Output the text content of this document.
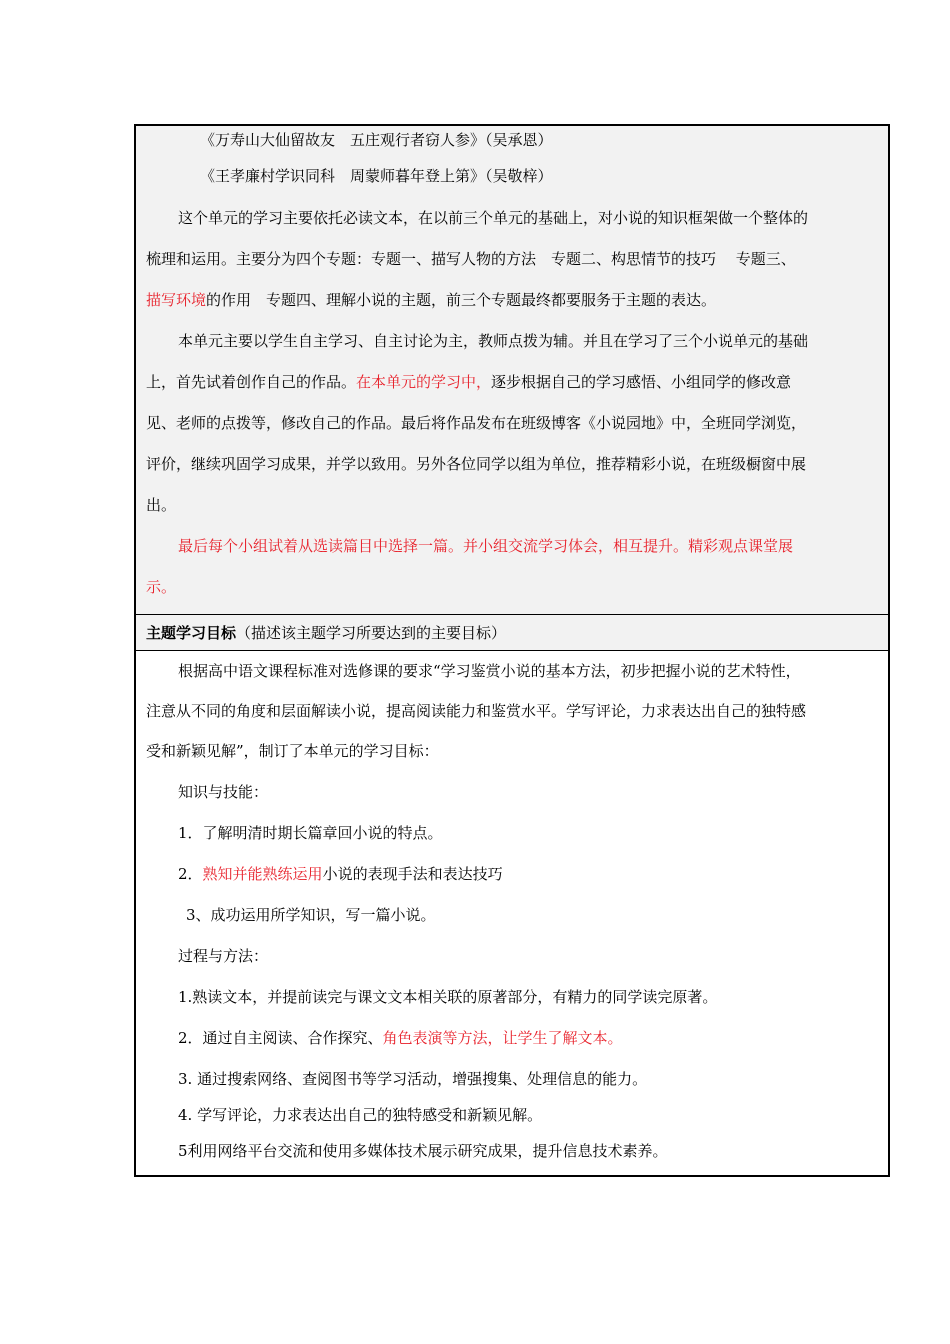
《万寿山大仙留故友　五庄观行者窃人参》（吴承恩）
《王孝廉村学识同科　周蒙师暮年登上第》（吴敬梓）
这个单元的学习主要依托必读文本，在以前三个单元的基础上，对小说的知识框架做一个整体的
梳理和运用。主要分为四个专题：专题一、描写人物的方法　专题二、构思情节的技巧　 专题三、
描写环境的作用　专题四、理解小说的主题，前三个专题最终都要服务于主题的表达。
本单元主要以学生自主学习、自主讨论为主，教师点拨为辅。并且在学习了三个小说单元的基础
上，首先试着创作自己的作品。在本单元的学习中，逐步根据自己的学习感悟、小组同学的修改意
见、老师的点拨等，修改自己的作品。最后将作品发布在班级博客《小说园地》中，全班同学浏览，
评价，继续巩固学习成果，并学以致用。另外各位同学以组为单位，推荐精彩小说，在班级橱窗中展
出。
最后每个小组试着从选读篇目中选择一篇。并小组交流学习体会，相互提升。精彩观点课堂展
示。
主题学习目标（描述该主题学习所要达到的主要目标）
根据高中语文课程标准对选修课的要求“学习鉴赏小说的基本方法，初步把握小说的艺术特性，
注意从不同的角度和层面解读小说，提高阅读能力和鉴赏水平。学写评论，力求表达出自己的独特感
受和新颖见解”，制订了本单元的学习目标：
知识与技能：
1．了解明清时期长篇章回小说的特点。
2．熟知并能熟练运用小说的表现手法和表达技巧
3、成功运用所学知识，写一篇小说。
过程与方法：
1.熟读文本，并提前读完与课文文本相关联的原著部分，有精力的同学读完原著。
2．通过自主阅读、合作探究、角色表演等方法，让学生了解文本。
3. 通过搜索网络、查阅图书等学习活动，增强搜集、处理信息的能力。
4. 学写评论，力求表达出自己的独特感受和新颖见解。
5利用网络平台交流和使用多媒体技术展示研究成果，提升信息技术素养。
